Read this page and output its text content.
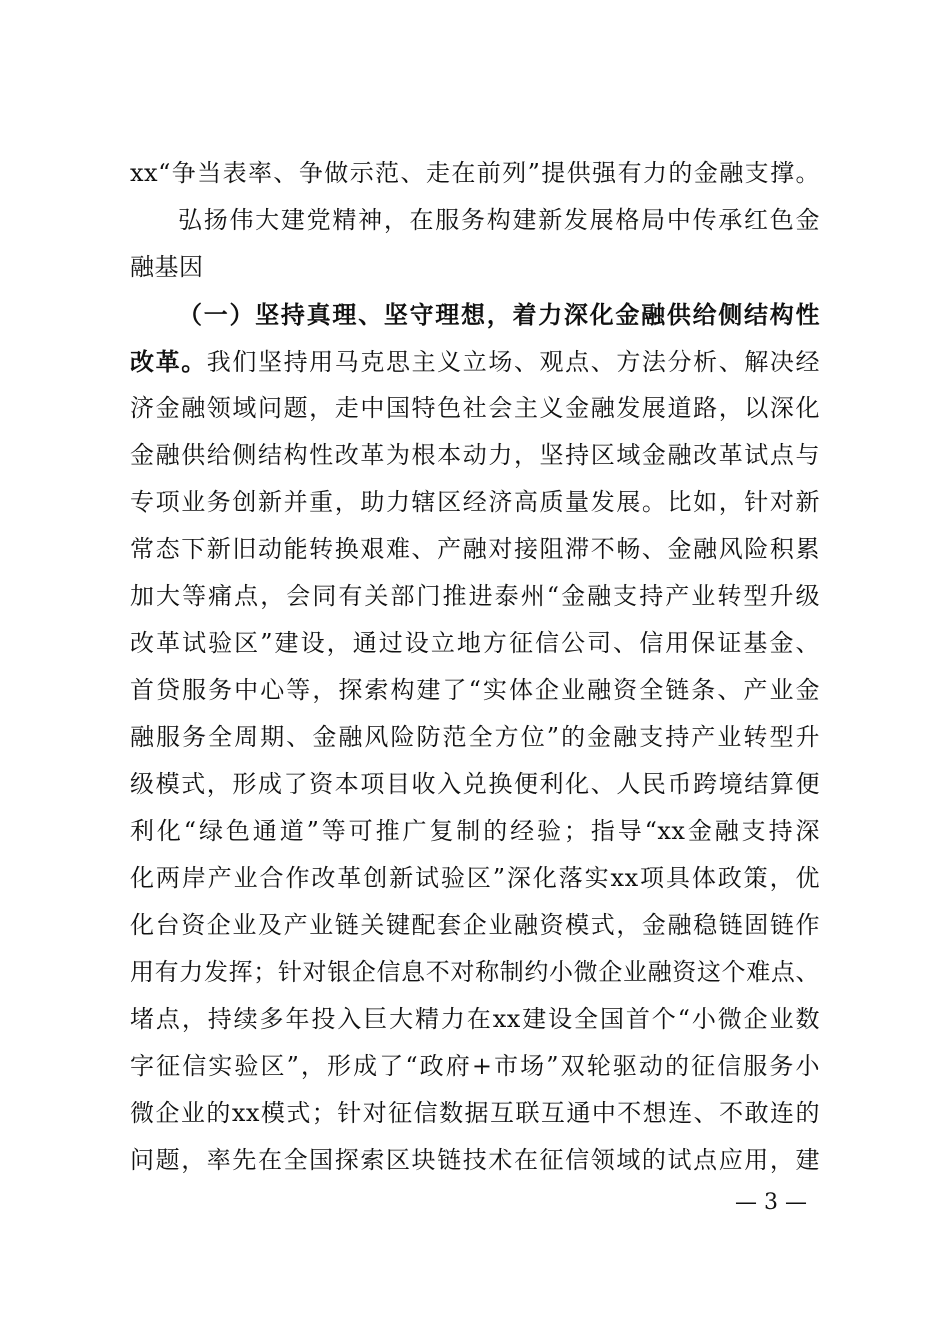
xx“争当表率、争做示范、走在前列”提供强有力的金融支撑。
弘扬伟大建党精神，在服务构建新发展格局中传承红色金
融基因
（一）坚持真理、坚守理想，着力深化金融供给侧结构性
改革。我们坚持用马克思主义立场、观点、方法分析、解决经
济金融领域问题，走中国特色社会主义金融发展道路，以深化
金融供给侧结构性改革为根本动力，坚持区域金融改革试点与
专项业务创新并重，助力辖区经济高质量发展。比如，针对新
常态下新旧动能转换艰难、产融对接阻滞不畅、金融风险积累
加大等痛点，会同有关部门推进泰州“金融支持产业转型升级
改革试验区”建设，通过设立地方征信公司、信用保证基金、
首贷服务中心等，探索构建了“实体企业融资全链条、产业金
融服务全周期、金融风险防范全方位”的金融支持产业转型升
级模式，形成了资本项目收入兑换便利化、人民币跨境结算便
利化“绿色通道”等可推广复制的经验；指导“xx金融支持深
化两岸产业合作改革创新试验区”深化落实xx项具体政策，优
化台资企业及产业链关键配套企业融资模式，金融稳链固链作
用有力发挥；针对银企信息不对称制约小微企业融资这个难点、
堵点，持续多年投入巨大精力在xx建设全国首个“小微企业数
字征信实验区”，形成了“政府+市场”双轮驱动的征信服务小
微企业的xx模式；针对征信数据互联互通中不想连、不敢连的
问题，率先在全国探索区块链技术在征信领域的试点应用，建
— 3 —
